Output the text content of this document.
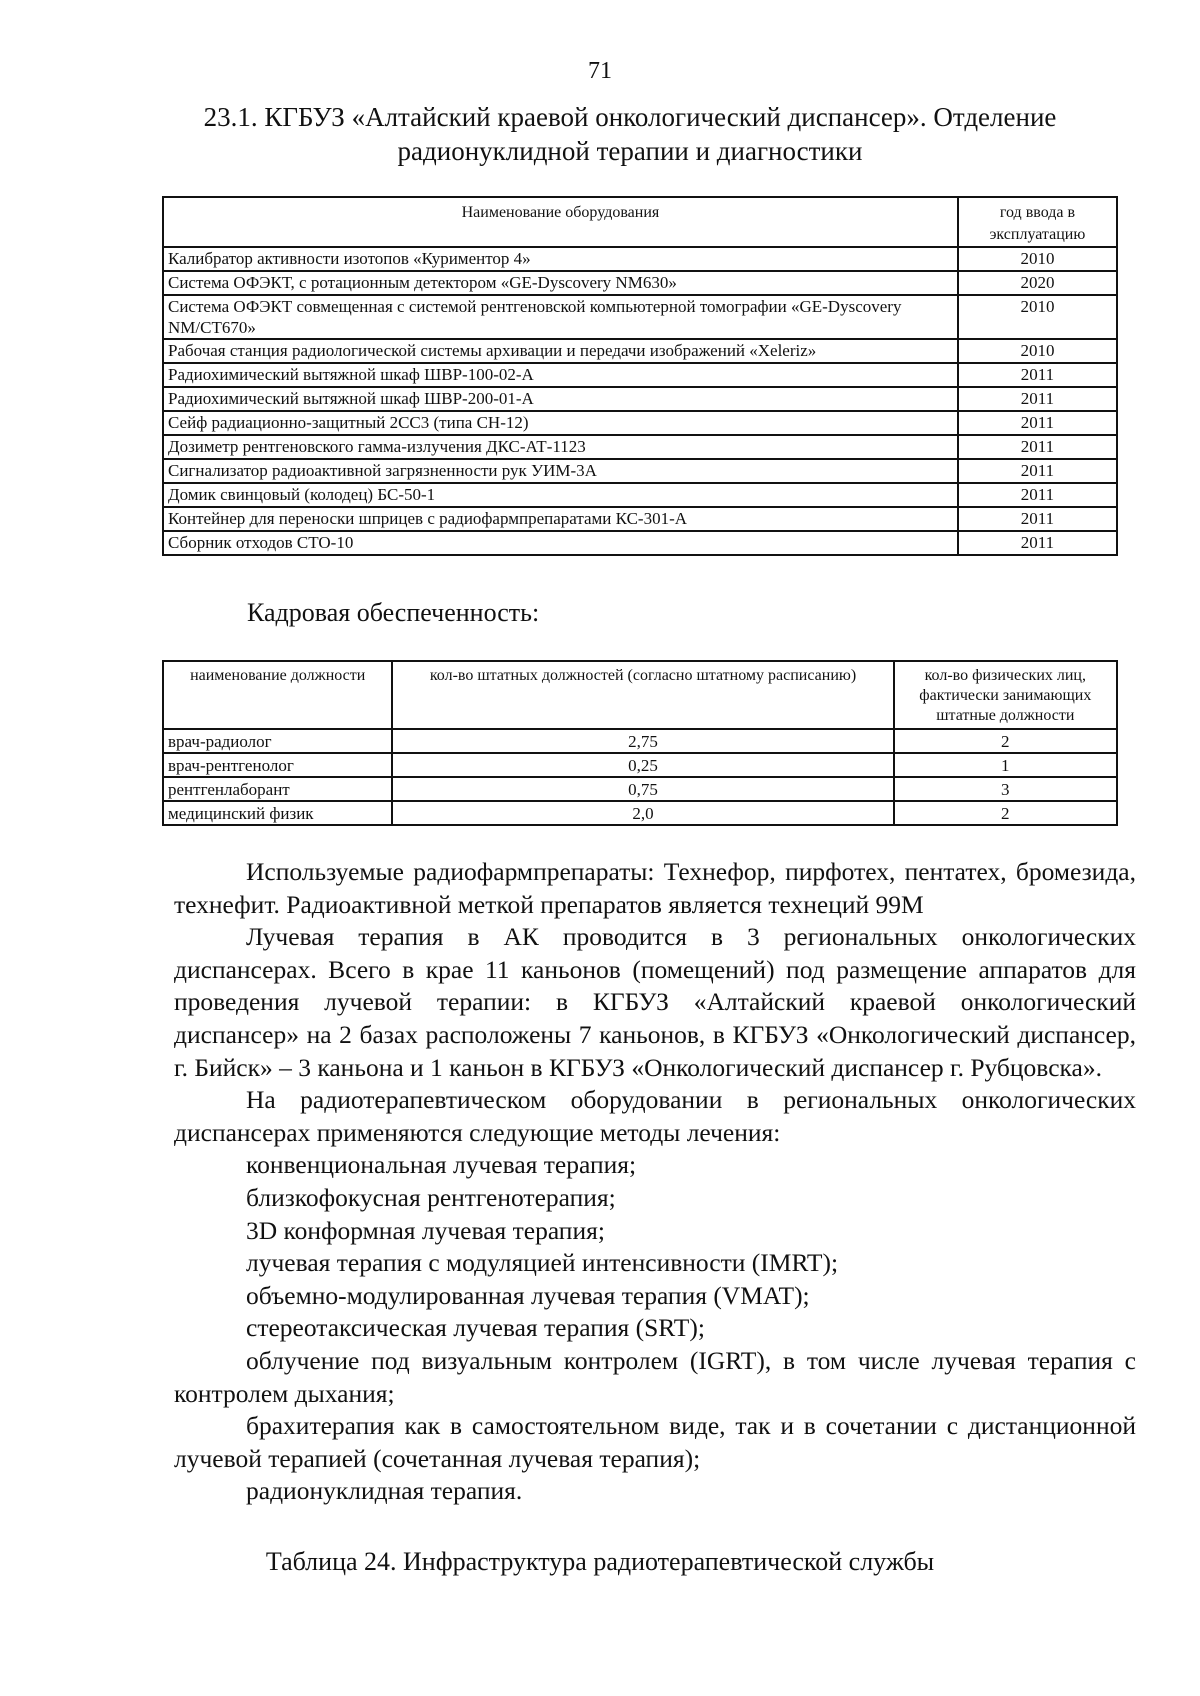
71
23.1. КГБУЗ «Алтайский краевой онкологический диспансер». Отделение
радионуклидной терапии и диагностики
Наименование оборудования	год ввода в эксплуатацию
Калибратор активности изотопов «Куриментор 4»	2010
Система ОФЭКТ, с ротационным детектором «GE-Dyscovery NM630»	2020
Система ОФЭКТ совмещенная с системой рентгеновской компьютерной томографии «GE-Dyscovery NM/CT670»	2010
Рабочая станция радиологической системы архивации и передачи изображений «Xeleriz»	2010
Радиохимический вытяжной шкаф ШВР-100-02-А	2011
Радиохимический вытяжной шкаф ШВР-200-01-А	2011
Сейф радиационно-защитный 2СС3 (типа СН-12)	2011
Дозиметр рентгеновского гамма-излучения ДКС-АТ-1123	2011
Сигнализатор радиоактивной загрязненности рук УИМ-3А	2011
Домик свинцовый (колодец) БС-50-1	2011
Контейнер для переноски шприцев с радиофармпрепаратами КС-301-А	2011
Сборник отходов СТО-10	2011
Кадровая обеспеченность:
наименование должности	кол-во штатных должностей (согласно штатному расписанию)	кол-во физических лиц, фактически занимающих штатные должности
врач-радиолог	2,75	2
врач-рентгенолог	0,25	1
рентгенлаборант	0,75	3
медицинский физик	2,0	2

Используемые радиофармпрепараты: Технефор, пирфотех, пентатех, бромезида, технефит. Радиоактивной меткой препаратов является технеций 99М

Лучевая терапия в АК проводится в 3 региональных онкологических диспансерах. Всего в крае 11 каньонов (помещений) под размещение аппаратов для проведения лучевой терапии: в КГБУЗ «Алтайский краевой онкологический диспансер» на 2 базах расположены 7 каньонов, в КГБУЗ «Онкологический диспансер, г. Бийск» – 3 каньона и 1 каньон в КГБУЗ «Онкологический диспансер г. Рубцовска».

На радиотерапевтическом оборудовании в региональных онкологических диспансерах применяются следующие методы лечения:

конвенциональная лучевая терапия;

близкофокусная рентгенотерапия;

3D конформная лучевая терапия;

лучевая терапия с модуляцией интенсивности (IMRT);

объемно-модулированная лучевая терапия (VMAT);

стереотаксическая лучевая терапия (SRT);

облучение под визуальным контролем (IGRT), в том числе лучевая терапия с контролем дыхания;

брахитерапия как в самостоятельном виде, так и в сочетании с дистанционной лучевой терапией (сочетанная лучевая терапия);

радионуклидная терапия.

Таблица 24. Инфраструктура радиотерапевтической службы
